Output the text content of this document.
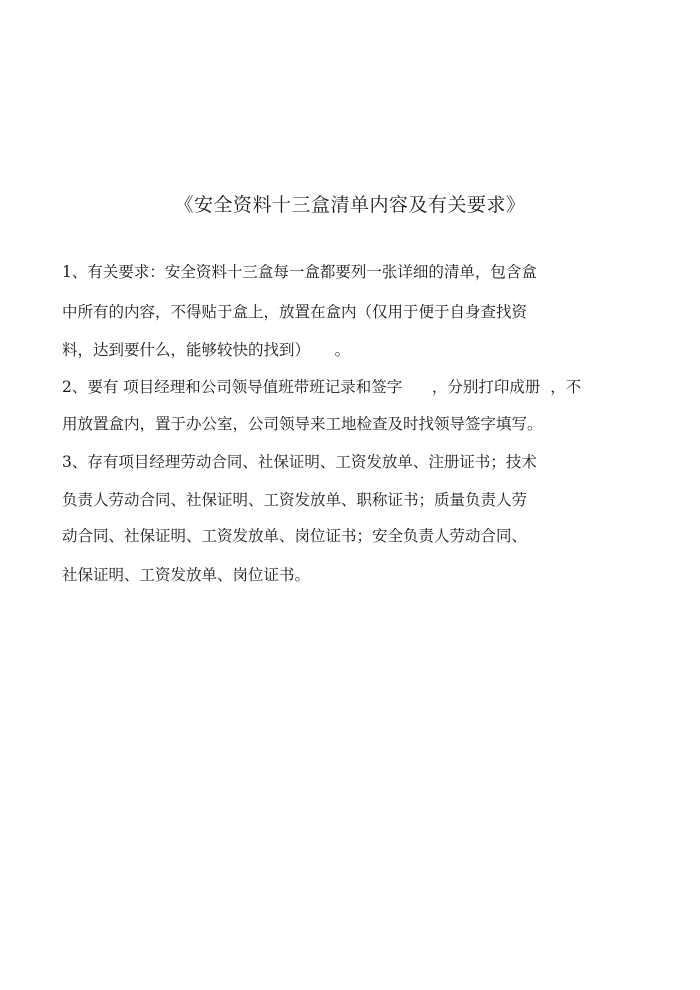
《安全资料十三盒清单内容及有关要求》
1、有关要求：安全资料十三盒每一盒都要列一张详细的清单，包含盒
中所有的内容，不得贴于盒上，放置在盒内（仅用于便于自身查找资
料，达到要什么，能够较快的找到）     。
2、要有 项目经理和公司领导值班带班记录和签字      ，分别打印成册  ，不
用放置盒内，置于办公室，公司领导来工地检查及时找领导签字填写。
3、存有项目经理劳动合同、社保证明、工资发放单、注册证书；技术
负责人劳动合同、社保证明、工资发放单、职称证书；质量负责人劳
动合同、社保证明、工资发放单、岗位证书；安全负责人劳动合同、
社保证明、工资发放单、岗位证书。
